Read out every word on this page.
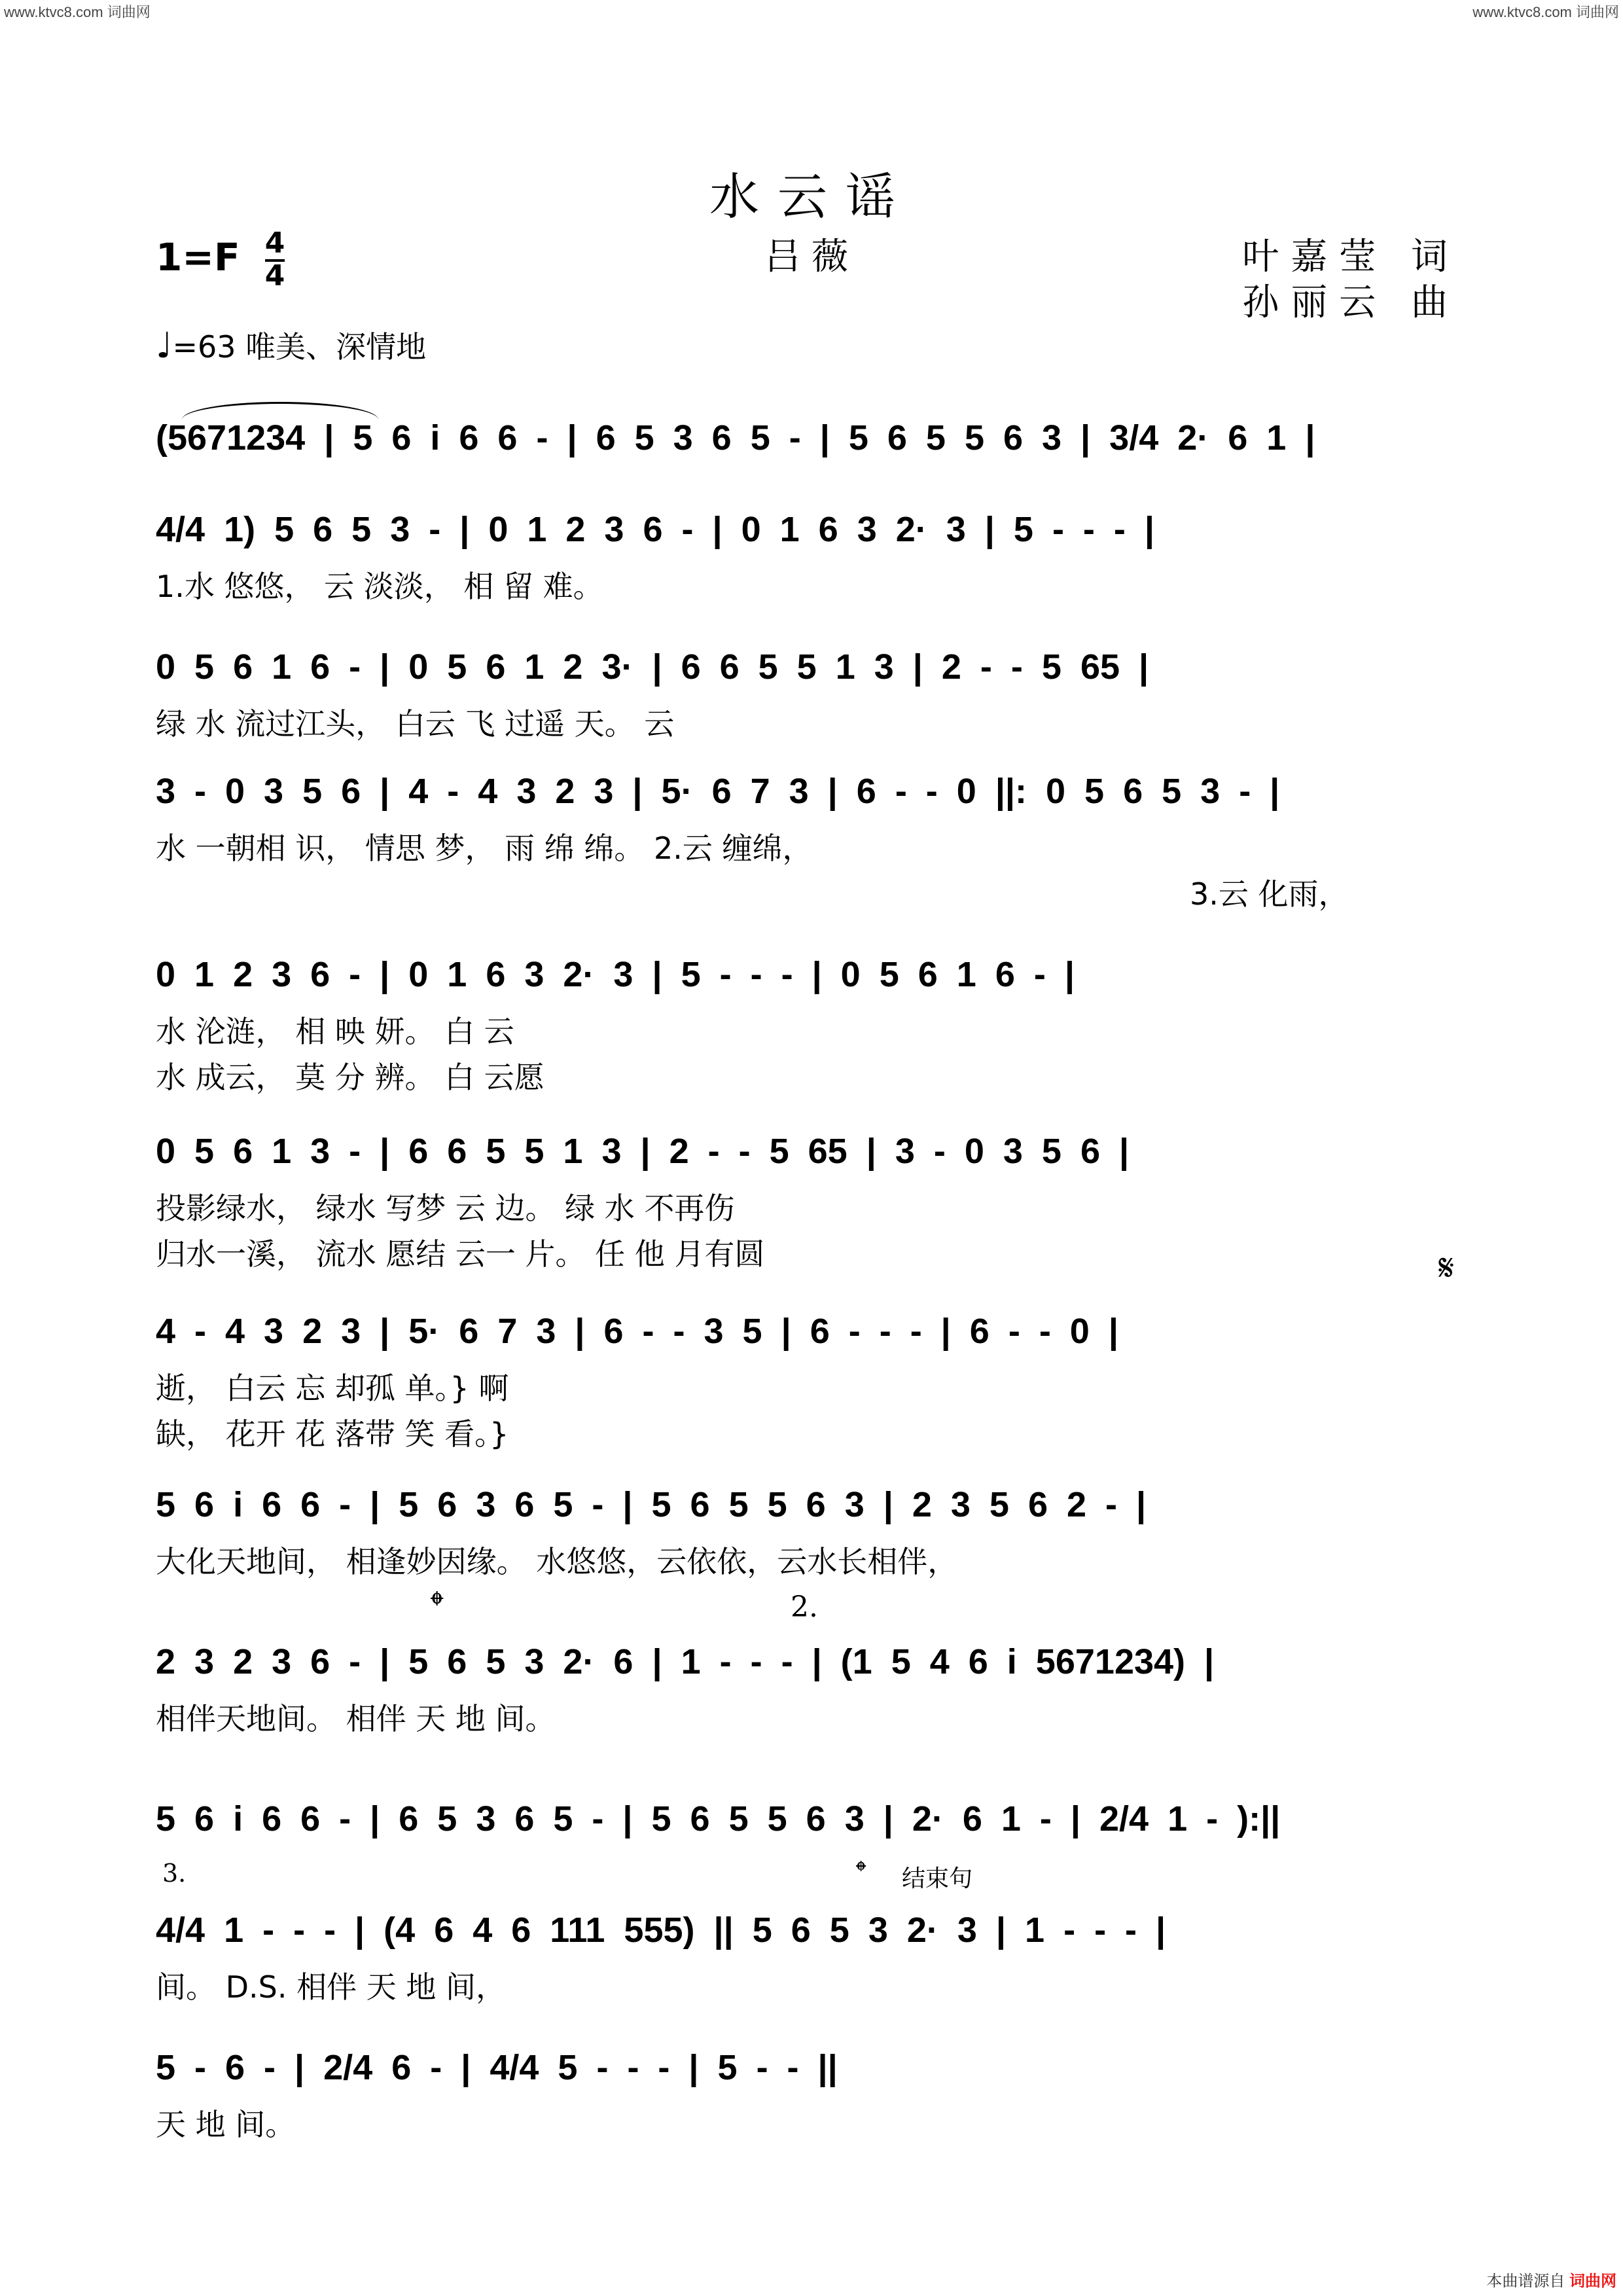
www.ktvc8.com 词曲网	www.ktvc8.com 词曲网
水云谣
$1=F \frac{4}{4}$	吕薇	叶嘉莹 词
孙丽云 曲
♩=63 唯美、深情地
(5671234 | 5 6 i 6 6 - | 6 5 3 6 5 - | 5 6 5 5 6 3 | 3/4 2· 6 1 |
4/4 1) 5 6 5 3 - | 0 1 2 3 6 - | 0 1 6 3 2· 3 | 5 - - - |
1.水 悠悠， 云 淡淡， 相 留 难。
0 5 6 1 6 - | 0 5 6 1 2 3· | 6 6 5 5 1 3 | 2 - - 5 65 |
绿 水 流过江头， 白云 飞 过遥 天。 云
3 - 0 3 5 6 | 4 - 4 3 2 3 | 5· 6 7 3 | 6 - - 0 ||: 0 5 6 5 3 - |
水 一朝相 识， 情思 梦， 雨 绵 绵。 2.云 缠绵，
3.云 化雨，
0 1 2 3 6 - | 0 1 6 3 2· 3 | 5 - - - | 0 5 6 1 6 - |
水 沦涟， 相 映 妍。 白 云
水 成云， 莫 分 辨。 白 云愿
0 5 6 1 3 - | 6 6 5 5 1 3 | 2 - - 5 65 | 3 - 0 3 5 6 |
投影绿水， 绿水 写梦 云 边。 绿 水 不再伤
归水一溪， 流水 愿结 云一 片。 任 他 月有圆	𝄋
4 - 4 3 2 3 | 5· 6 7 3 | 6 - - 3 5 | 6 - - - | 6 - - 0 |
逝， 白云 忘 却孤 单。} 啊
缺， 花开 花 落带 笑 看。}
5 6 i 6 6 - | 5 6 3 6 5 - | 5 6 5 5 6 3 | 2 3 5 6 2 - |
大化天地间， 相逢妙因缘。 水悠悠，云依依，云水长相伴，
𝄌	2.
2 3 2 3 6 - | 5 6 5 3 2· 6 | 1 - - - | (1 5 4 6 i 5671234) |
相伴天地间。 相伴 天 地 间。
5 6 i 6 6 - | 6 5 3 6 5 - | 5 6 5 5 6 3 | 2· 6 1 - | 2/4 1 - ):||
3.	𝄌 结束句
4/4 1 - - - | (4 6 4 6 111 555) || 5 6 5 3 2· 3 | 1 - - - |
间。 D.S. 相伴 天 地 间，
5 - 6 - | 2/4 6 - | 4/4 5 - - - | 5 - - ||
天 地 间。
本曲谱源自 词曲网
